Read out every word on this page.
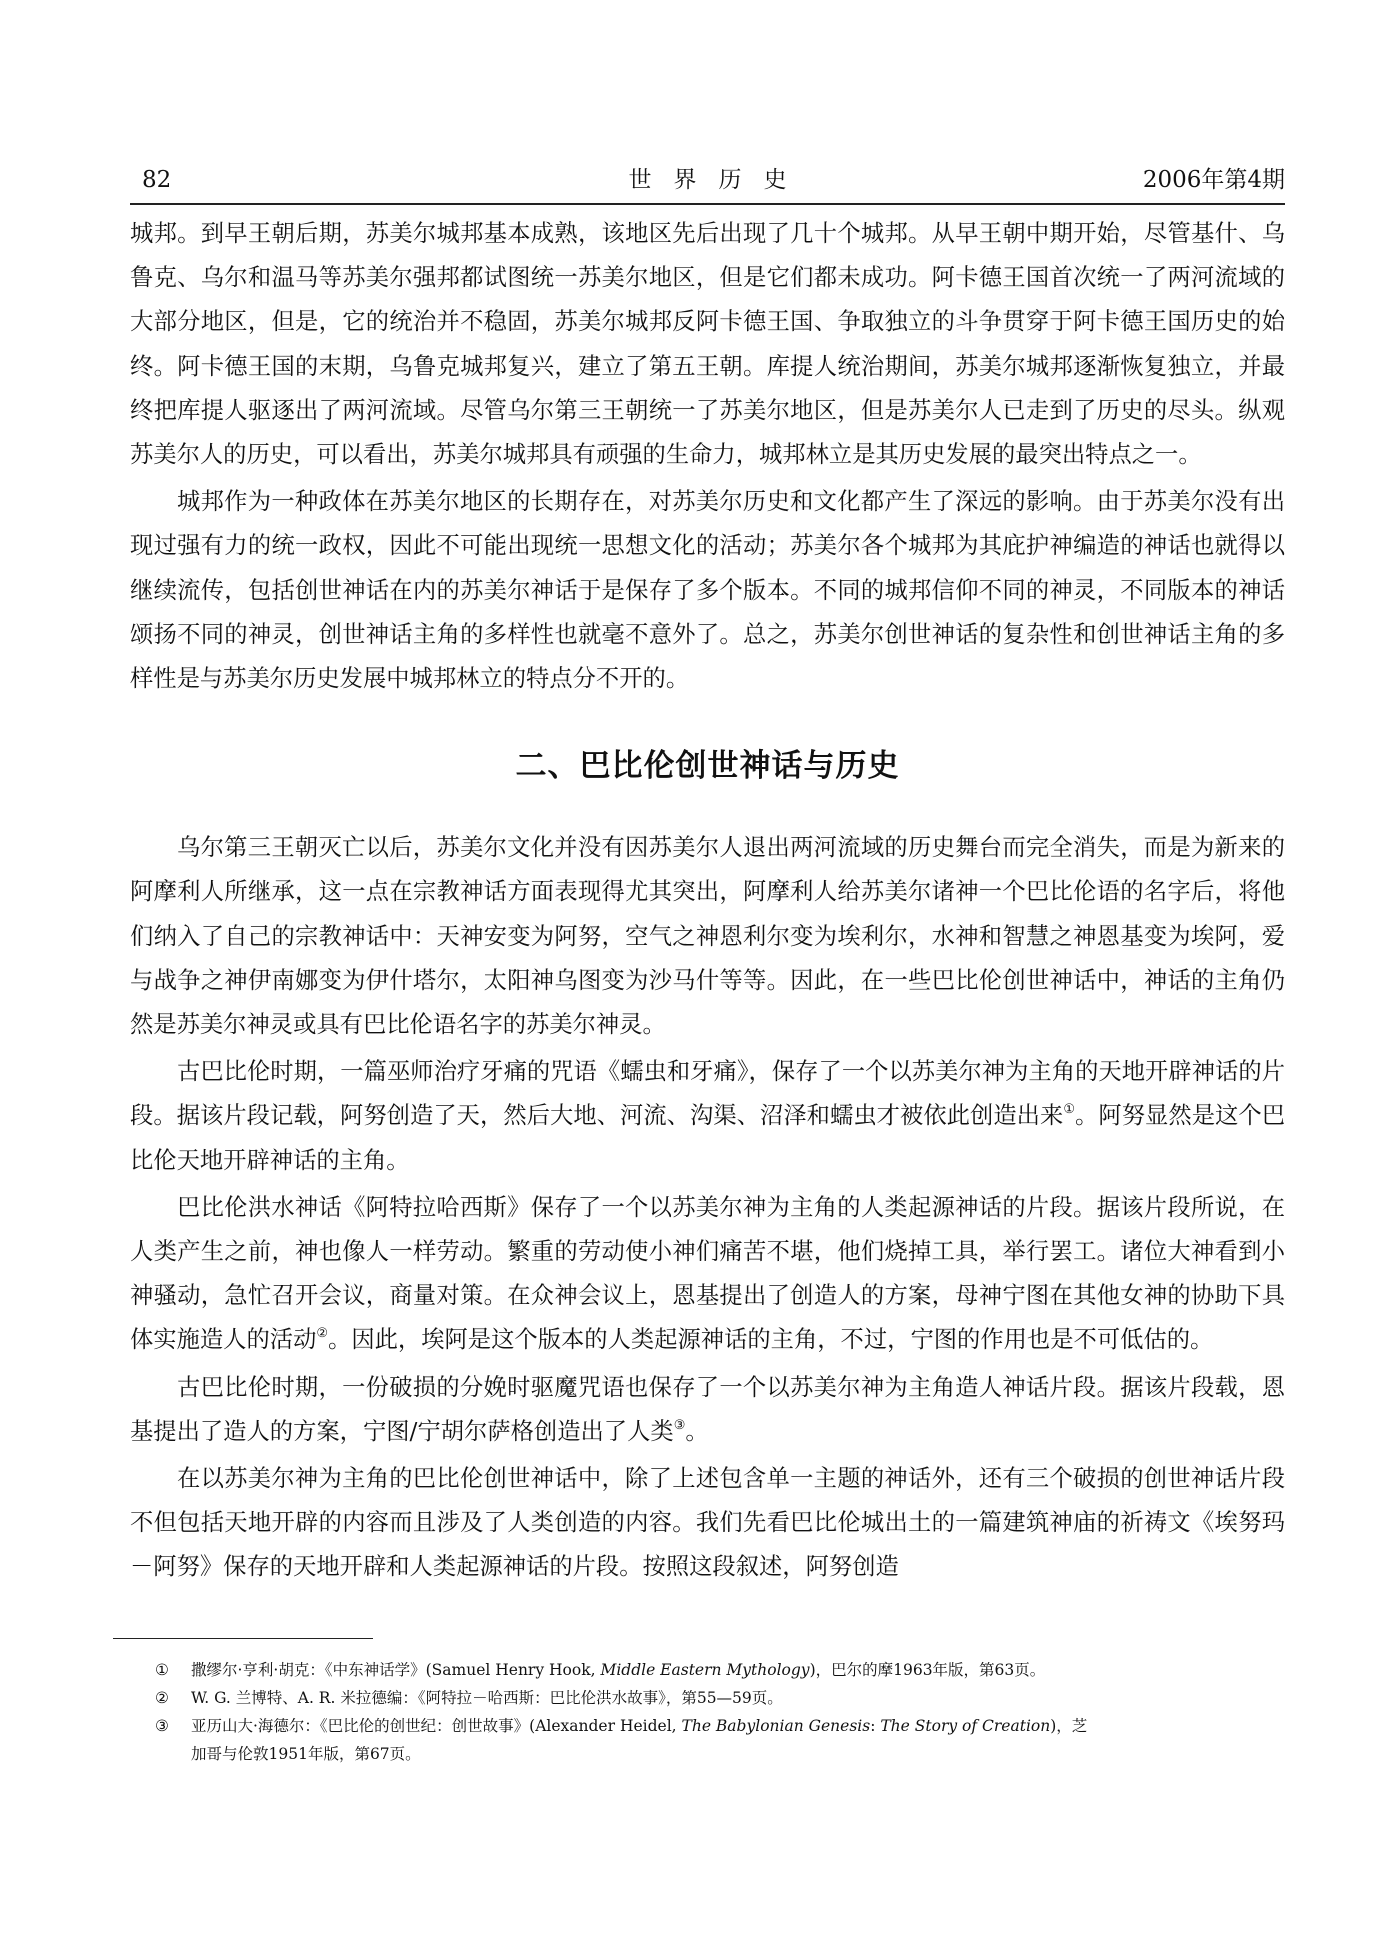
82	世界历史	2006年第4期

城邦。到早王朝后期，苏美尔城邦基本成熟，该地区先后出现了几十个城邦。从早王朝中期开始，尽管基什、乌鲁克、乌尔和温马等苏美尔强邦都试图统一苏美尔地区，但是它们都未成功。阿卡德王国首次统一了两河流域的大部分地区，但是，它的统治并不稳固，苏美尔城邦反阿卡德王国、争取独立的斗争贯穿于阿卡德王国历史的始终。阿卡德王国的末期，乌鲁克城邦复兴，建立了第五王朝。库提人统治期间，苏美尔城邦逐渐恢复独立，并最终把库提人驱逐出了两河流域。尽管乌尔第三王朝统一了苏美尔地区，但是苏美尔人已走到了历史的尽头。纵观苏美尔人的历史，可以看出，苏美尔城邦具有顽强的生命力，城邦林立是其历史发展的最突出特点之一。

城邦作为一种政体在苏美尔地区的长期存在，对苏美尔历史和文化都产生了深远的影响。由于苏美尔没有出现过强有力的统一政权，因此不可能出现统一思想文化的活动；苏美尔各个城邦为其庇护神编造的神话也就得以继续流传，包括创世神话在内的苏美尔神话于是保存了多个版本。不同的城邦信仰不同的神灵，不同版本的神话颂扬不同的神灵，创世神话主角的多样性也就毫不意外了。总之，苏美尔创世神话的复杂性和创世神话主角的多样性是与苏美尔历史发展中城邦林立的特点分不开的。

二、巴比伦创世神话与历史

乌尔第三王朝灭亡以后，苏美尔文化并没有因苏美尔人退出两河流域的历史舞台而完全消失，而是为新来的阿摩利人所继承，这一点在宗教神话方面表现得尤其突出，阿摩利人给苏美尔诸神一个巴比伦语的名字后，将他们纳入了自己的宗教神话中：天神安变为阿努，空气之神恩利尔变为埃利尔，水神和智慧之神恩基变为埃阿，爱与战争之神伊南娜变为伊什塔尔，太阳神乌图变为沙马什等等。因此，在一些巴比伦创世神话中，神话的主角仍然是苏美尔神灵或具有巴比伦语名字的苏美尔神灵。

古巴比伦时期，一篇巫师治疗牙痛的咒语《蠕虫和牙痛》，保存了一个以苏美尔神为主角的天地开辟神话的片段。据该片段记载，阿努创造了天，然后大地、河流、沟渠、沼泽和蠕虫才被依此创造出来①。阿努显然是这个巴比伦天地开辟神话的主角。

巴比伦洪水神话《阿特拉哈西斯》保存了一个以苏美尔神为主角的人类起源神话的片段。据该片段所说，在人类产生之前，神也像人一样劳动。繁重的劳动使小神们痛苦不堪，他们烧掉工具，举行罢工。诸位大神看到小神骚动，急忙召开会议，商量对策。在众神会议上，恩基提出了创造人的方案，母神宁图在其他女神的协助下具体实施造人的活动②。因此，埃阿是这个版本的人类起源神话的主角，不过，宁图的作用也是不可低估的。

古巴比伦时期，一份破损的分娩时驱魔咒语也保存了一个以苏美尔神为主角造人神话片段。据该片段载，恩基提出了造人的方案，宁图/宁胡尔萨格创造出了人类③。

在以苏美尔神为主角的巴比伦创世神话中，除了上述包含单一主题的神话外，还有三个破损的创世神话片段不但包括天地开辟的内容而且涉及了人类创造的内容。我们先看巴比伦城出土的一篇建筑神庙的祈祷文《埃努玛－阿努》保存的天地开辟和人类起源神话的片段。按照这段叙述，阿努创造

① 撒缪尔·亨利·胡克：《中东神话学》(Samuel Henry Hook, Middle Eastern Mythology)，巴尔的摩1963年版，第63页。
② W. G. 兰博特、A. R. 米拉德编：《阿特拉－哈西斯：巴比伦洪水故事》，第55—59页。
③ 亚历山大·海德尔：《巴比伦的创世纪：创世故事》(Alexander Heidel, The Babylonian Genesis: The Story of Creation)，芝
加哥与伦敦1951年版，第67页。
